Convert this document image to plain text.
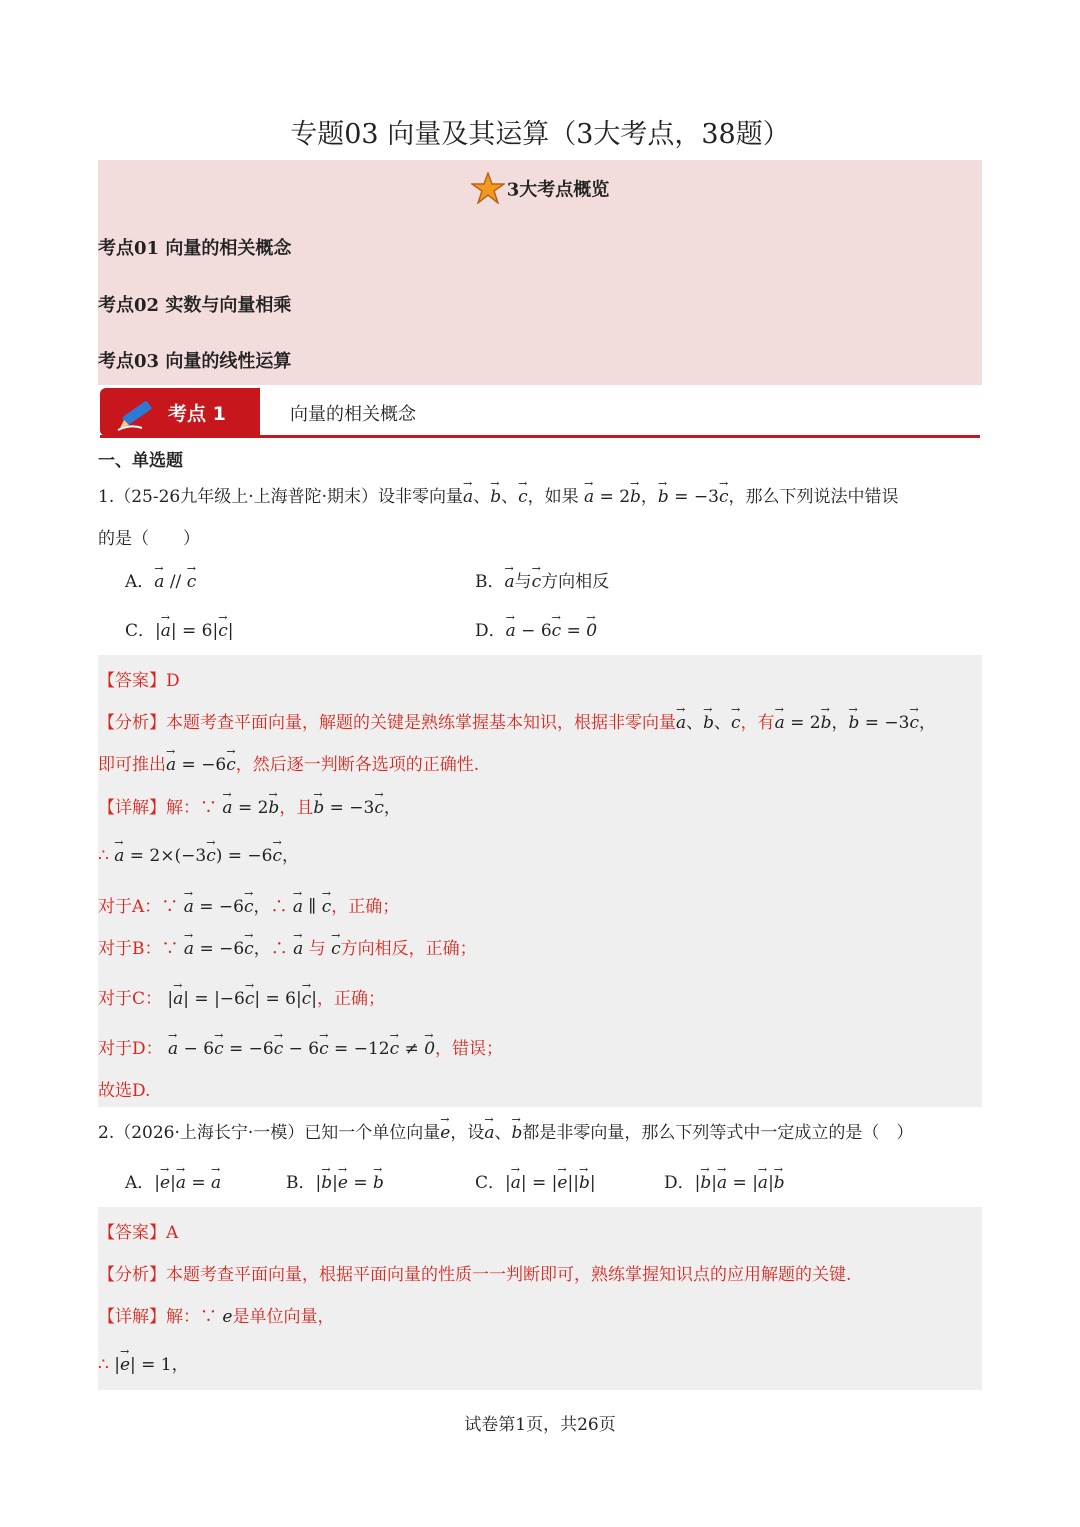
专题03 向量及其运算（3大考点，38题）
3大考点概览
考点01 向量的相关概念
考点02 实数与向量相乘
考点03 向量的线性运算
考点 1	向量的相关概念
一、单选题
1.（25-26九年级上·上海普陀·期末）设非零向量→ a、→ b、→ c，如果 → a = 2→ b，→ b = −3→ c，那么下列说法中错误
的是（　　）
A．→ a // → c	B．→ a与→ c方向相反
C．|→ a| = 6|→ c|	D．→ a − 6→ c = → 0
【答案】D
【分析】本题考查平面向量，解题的关键是熟练掌握基本知识，根据非零向量→ a、→ b、→ c，有→ a = 2→ b，→ b = −3→ c，
即可推出→ a = −6→ c，然后逐一判断各选项的正确性.
【详解】解：∵ → a = 2→ b，且→ b = −3→ c，
∴ → a = 2×(−3→ c) = −6→ c，
对于A：∵ → a = −6→ c，∴ → a ∥ → c，正确；
对于B：∵ → a = −6→ c，∴ → a 与 → c方向相反，正确；
对于C： |→ a| = |−6→ c| = 6|→ c|，正确；
对于D： → a − 6→ c = −6→ c − 6→ c = −12→ c ≠ → 0，错误；
故选D.
2.（2026·上海长宁·一模）已知一个单位向量→ e，设→ a、→ b都是非零向量，那么下列等式中一定成立的是（　）
A．|→ e|→ a = → a	B．|→ b|→ e = → b	C．|→ a| = |→ e||→ b|	D．|→ b|→ a = |→ a|→ b
【答案】A
【分析】本题考查平面向量，根据平面向量的性质一一判断即可，熟练掌握知识点的应用解题的关键.
【详解】解：∵ e是单位向量，
∴ |→ e| = 1，
试卷第1页，共26页
